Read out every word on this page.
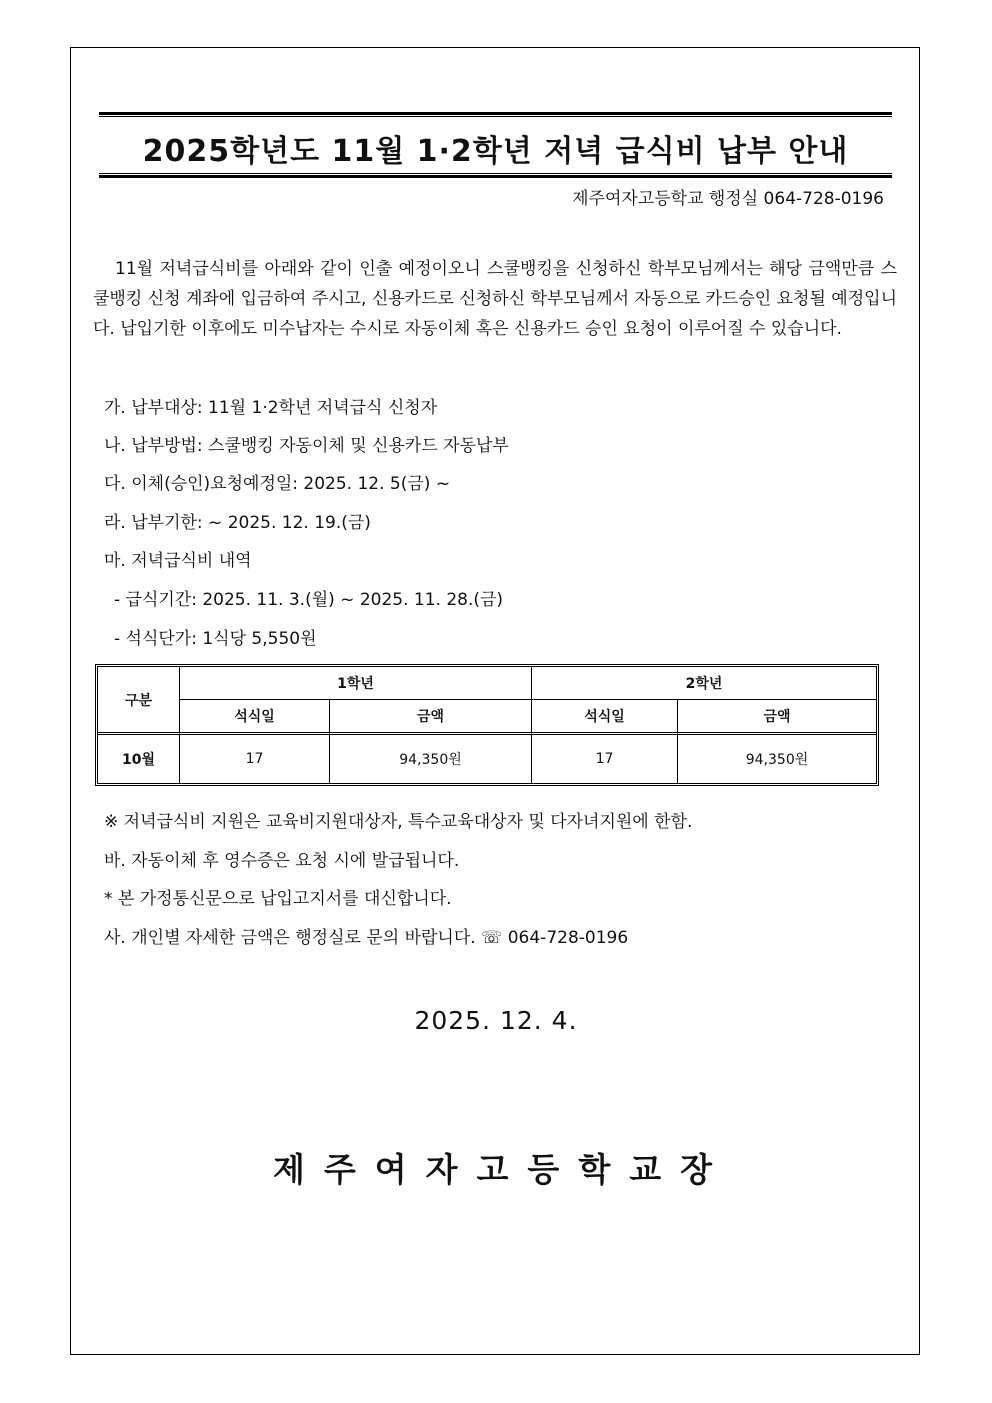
2025학년도 11월 1·2학년 저녁 급식비 납부 안내
제주여자고등학교 행정실 064-728-0196
11월 저녁급식비를 아래와 같이 인출 예정이오니 스쿨뱅킹을 신청하신 학부모님께서는 해당 금액만큼 스쿨뱅킹 신청 계좌에 입금하여 주시고, 신용카드로 신청하신 학부모님께서 자동으로 카드승인 요청될 예정입니다. 납입기한 이후에도 미수납자는 수시로 자동이체 혹은 신용카드 승인 요청이 이루어질 수 있습니다.
가. 납부대상: 11월 1·2학년 저녁급식 신청자
나. 납부방법: 스쿨뱅킹 자동이체 및 신용카드 자동납부
다. 이체(승인)요청예정일: 2025. 12. 5(금) ~
라. 납부기한: ~ 2025. 12. 19.(금)
마. 저녁급식비 내역
- 급식기간: 2025. 11. 3.(월) ~ 2025. 11. 28.(금)
- 석식단가: 1식당 5,550원
구분	1학년		2학년	
	석식일	금액	석식일	금액
10월	17	94,350원	17	94,350원
※ 저녁급식비 지원은 교육비지원대상자, 특수교육대상자 및 다자녀지원에 한함.
바. 자동이체 후 영수증은 요청 시에 발급됩니다.
* 본 가정통신문으로 납입고지서를 대신합니다.
사. 개인별 자세한 금액은 행정실로 문의 바랍니다. ☏ 064-728-0196
2025. 12. 4.
제주여자고등학교장
